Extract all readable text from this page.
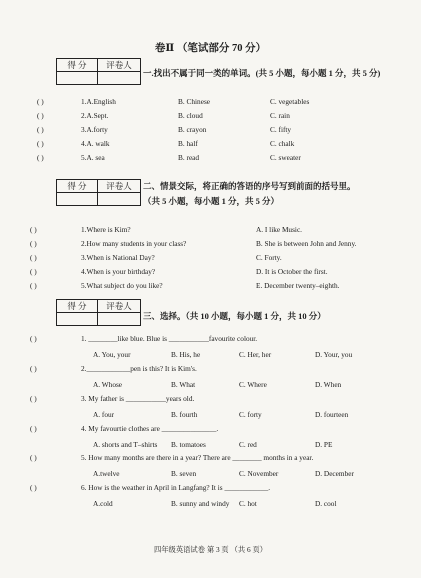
卷Ⅱ （笔试部分 70 分）
得 分	评卷人

一.找出不属于同一类的单词。(共 5 小题，每小题 1 分，共 5 分)
( )	1.A.English	B. Chinese	C. vegetables
( )	2.A.Sept.	B. cloud	C. rain
( )	3.A.forty	B. crayon	C. fifty
( )	4.A. walk	B. half	C. chalk
( )	5.A. sea	B. read	C. sweater
得 分	评卷人
	二、情景交际，将正确的答语的序号写到前面的括号里。
（共 5 小题，每小题 1 分，共 5 分）
( )	1.Where is Kim?	A. I like Music.
( )	2.How many students in your class?	B. She is between John and Jenny.
( )	3.When is National Day?	C. Forty.
( )	4.When is your birthday?	D. It is October the first.
( )	5.What subject do you like?	E. December twenty–eighth.
得 分	评卷人

三、选择。（共 10 小题，每小题 1 分，共 10 分）
( )	1. ________like blue. Blue is ___________favourite colour.
A. You, your	B. His, he	C. Her, her	D. Your, you
( )	2.____________pen is this? It is Kim's.
A. Whose	B. What	C. Where	D. When
( )	3. My father is ___________years old.
A. four	B. fourth	C. forty	D. fourteen
( )	4. My favourtie clothes are _______________.
A. shorts and T–shirts B. tomatoes	C. red	D. PE
( )	5. How many months are there in a year? There are ________ months in a year.
A.twelve	B. seven	C. November	D. December
( )	6. How is the weather in April in Langfang? It is ____________.
A.cold	B. sunny and windy C. hot	D. cool
四年级英语试卷 第 3 页 （共 6 页）
